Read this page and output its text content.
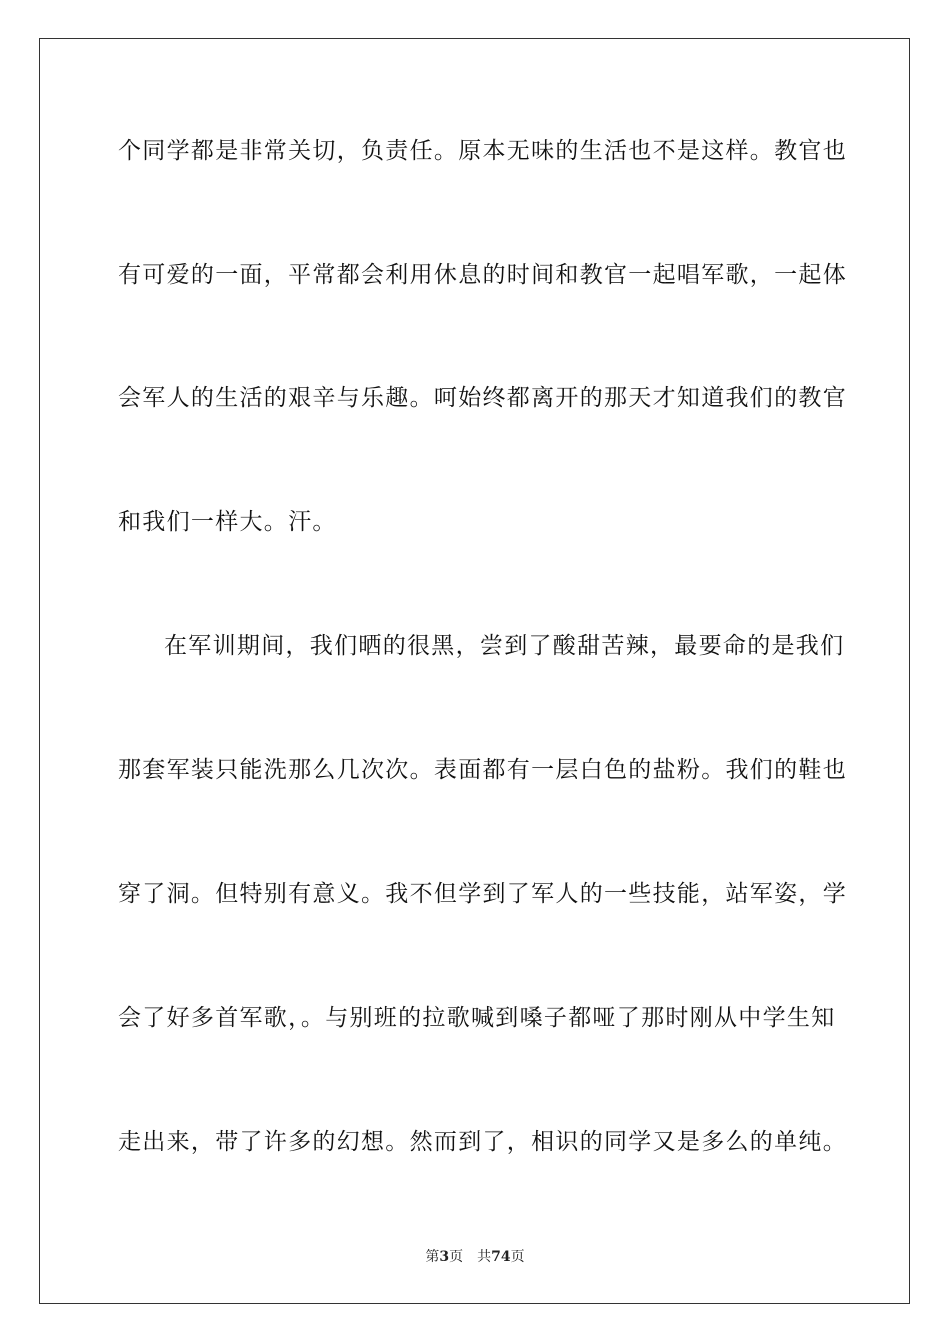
个同学都是非常关切，负责任。原本无味的生活也不是这样。教官也
有可爱的一面，平常都会利用休息的时间和教官一起唱军歌，一起体
会军人的生活的艰辛与乐趣。呵始终都离开的那天才知道我们的教官
和我们一样大。汗。
在军训期间，我们晒的很黑，尝到了酸甜苦辣，最要命的是我们
那套军装只能洗那么几次次。表面都有一层白色的盐粉。我们的鞋也
穿了洞。但特别有意义。我不但学到了军人的一些技能，站军姿，学
会了好多首军歌，。与别班的拉歌喊到嗓子都哑了那时刚从中学生知
走出来，带了许多的幻想。然而到了，相识的同学又是多么的单纯。
第3页 共74页
